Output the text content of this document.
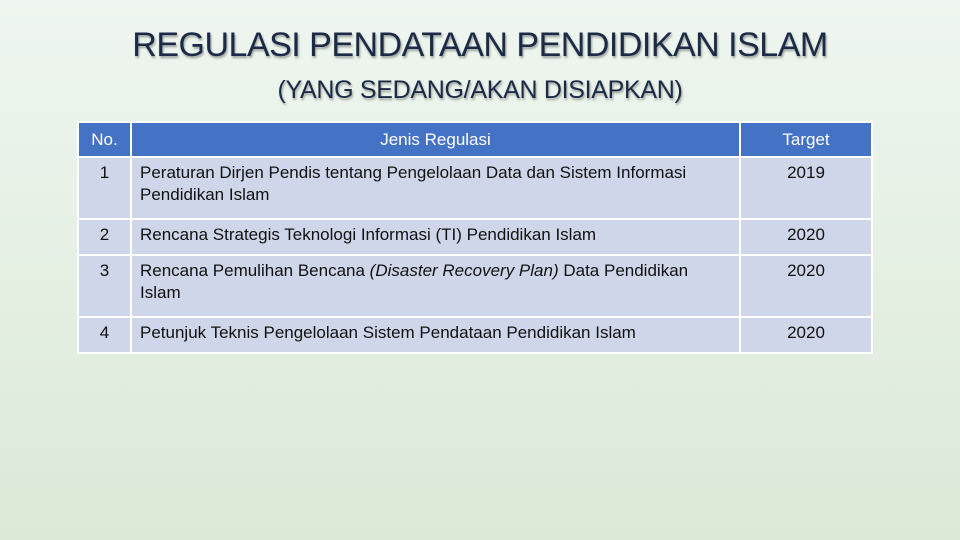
REGULASI PENDATAAN PENDIDIKAN ISLAM
(YANG SEDANG/AKAN DISIAPKAN)
No.	Jenis Regulasi	Target
1	Peraturan Dirjen Pendis tentang Pengelolaan Data dan Sistem Informasi Pendidikan Islam	2019
2	Rencana Strategis Teknologi Informasi (TI) Pendidikan Islam	2020
3	Rencana Pemulihan Bencana (Disaster Recovery Plan) Data Pendidikan Islam	2020
4	Petunjuk Teknis Pengelolaan Sistem Pendataan Pendidikan Islam	2020
